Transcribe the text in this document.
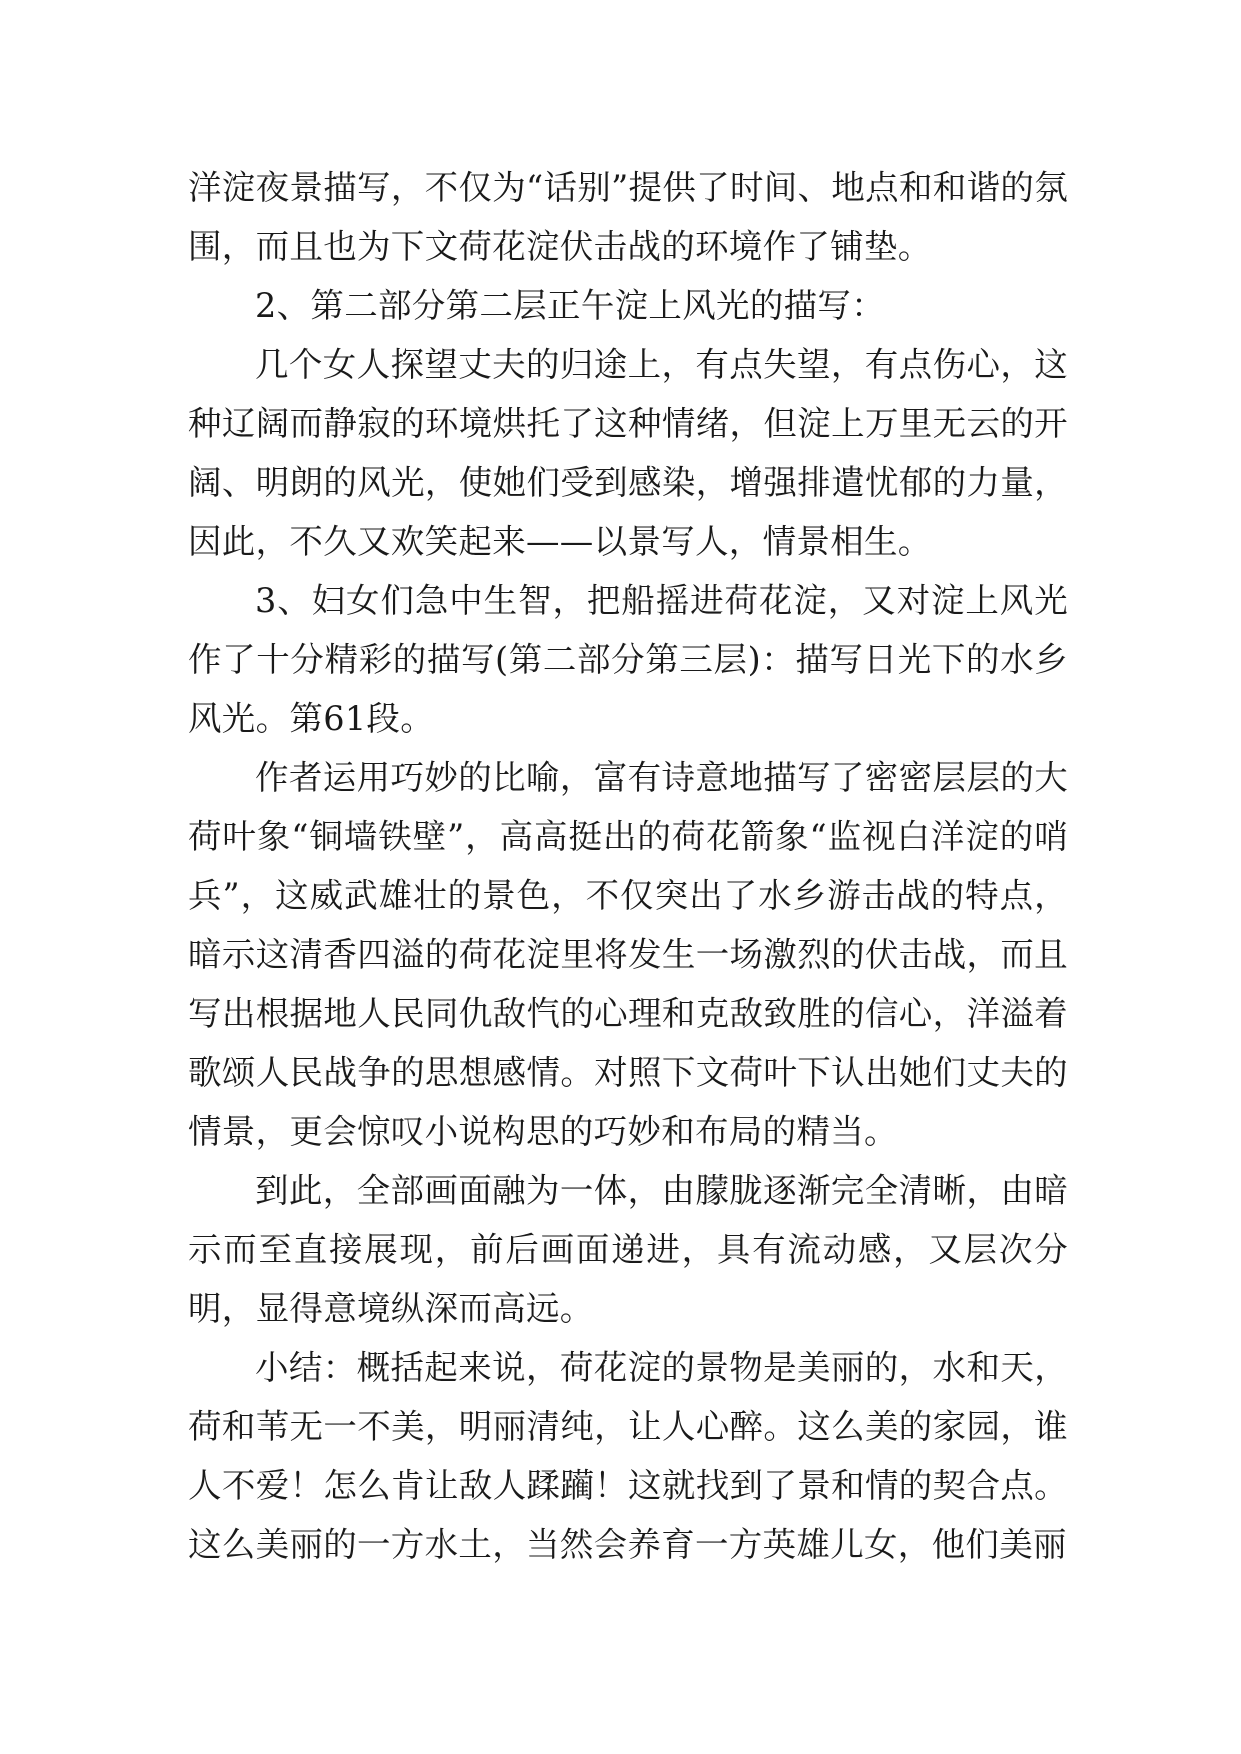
洋淀夜景描写，不仅为“话别”提供了时间、地点和和谐的氛围，而且也为下文荷花淀伏击战的环境作了铺垫。

2、第二部分第二层正午淀上风光的描写：

几个女人探望丈夫的归途上，有点失望，有点伤心，这种辽阔而静寂的环境烘托了这种情绪，但淀上万里无云的开阔、明朗的风光，使她们受到感染，增强排遣忧郁的力量，因此，不久又欢笑起来——以景写人，情景相生。

3、妇女们急中生智，把船摇进荷花淀，又对淀上风光作了十分精彩的描写(第二部分第三层)：描写日光下的水乡风光。第61段。

作者运用巧妙的比喻，富有诗意地描写了密密层层的大荷叶象“铜墙铁壁”，高高挺出的荷花箭象“监视白洋淀的哨兵”，这威武雄壮的景色，不仅突出了水乡游击战的特点，暗示这清香四溢的荷花淀里将发生一场激烈的伏击战，而且写出根据地人民同仇敌忾的心理和克敌致胜的信心，洋溢着歌颂人民战争的思想感情。对照下文荷叶下认出她们丈夫的情景，更会惊叹小说构思的巧妙和布局的精当。

到此，全部画面融为一体，由朦胧逐渐完全清晰，由暗示而至直接展现，前后画面递进，具有流动感，又层次分明，显得意境纵深而高远。

小结：概括起来说，荷花淀的景物是美丽的，水和天，荷和苇无一不美，明丽清纯，让人心醉。这么美的家园，谁人不爱！怎么肯让敌人蹂躏！这就找到了景和情的契合点。这么美丽的一方水土，当然会养育一方英雄儿女，他们美丽
